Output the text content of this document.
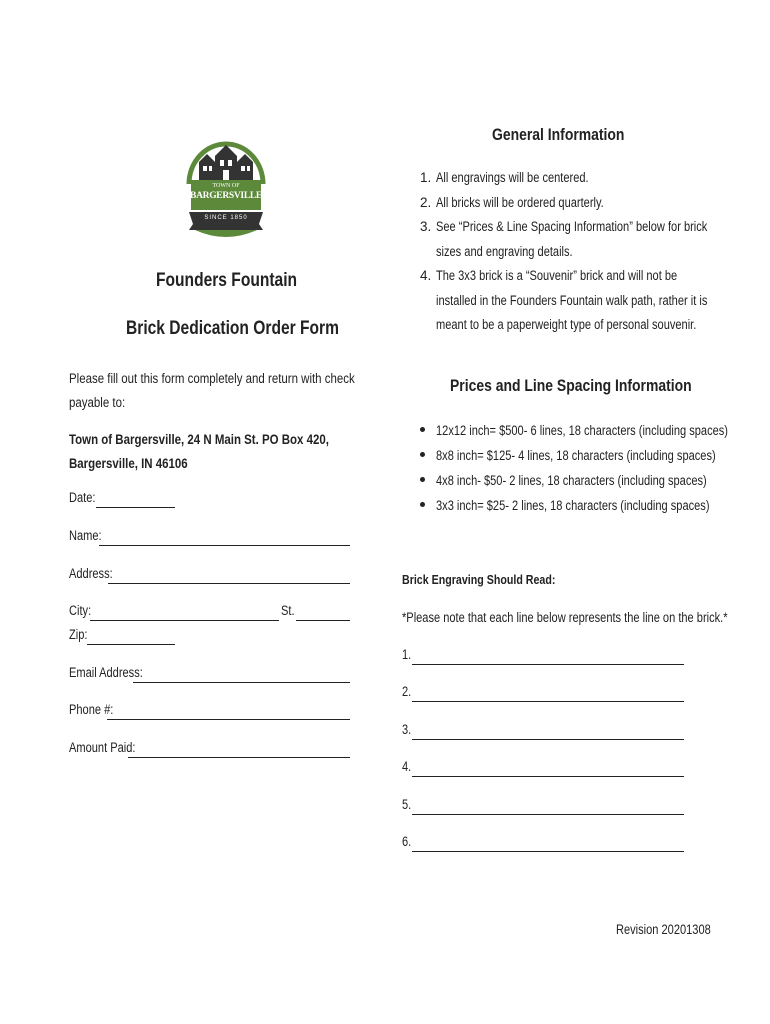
TOWN OF
BARGERSVILLE
SINCE 1850
Founders Fountain
Brick Dedication Order Form
Please fill out this form completely and return with check payable to:
Town of Bargersville, 24 N Main St. PO Box 420, Bargersville, IN 46106
Date:
Name:
Address:
City:	St.
Zip:
Email Address:
Phone #:
Amount Paid:
General Information
1. All engravings will be centered.
2. All bricks will be ordered quarterly.
3. See “Prices & Line Spacing Information” below for brick sizes and engraving details.
4. The 3x3 brick is a “Souvenir” brick and will not be installed in the Founders Fountain walk path, rather it is meant to be a paperweight type of personal souvenir.
Prices and Line Spacing Information
12x12 inch= $500- 6 lines, 18 characters (including spaces)
8x8 inch= $125- 4 lines, 18 characters (including spaces)
4x8 inch- $50- 2 lines, 18 characters (including spaces)
3x3 inch= $25- 2 lines, 18 characters (including spaces)
Brick Engraving Should Read:
*Please note that each line below represents the line on the brick.*
1.
2.
3.
4.
5.
6.
Revision 20201308
